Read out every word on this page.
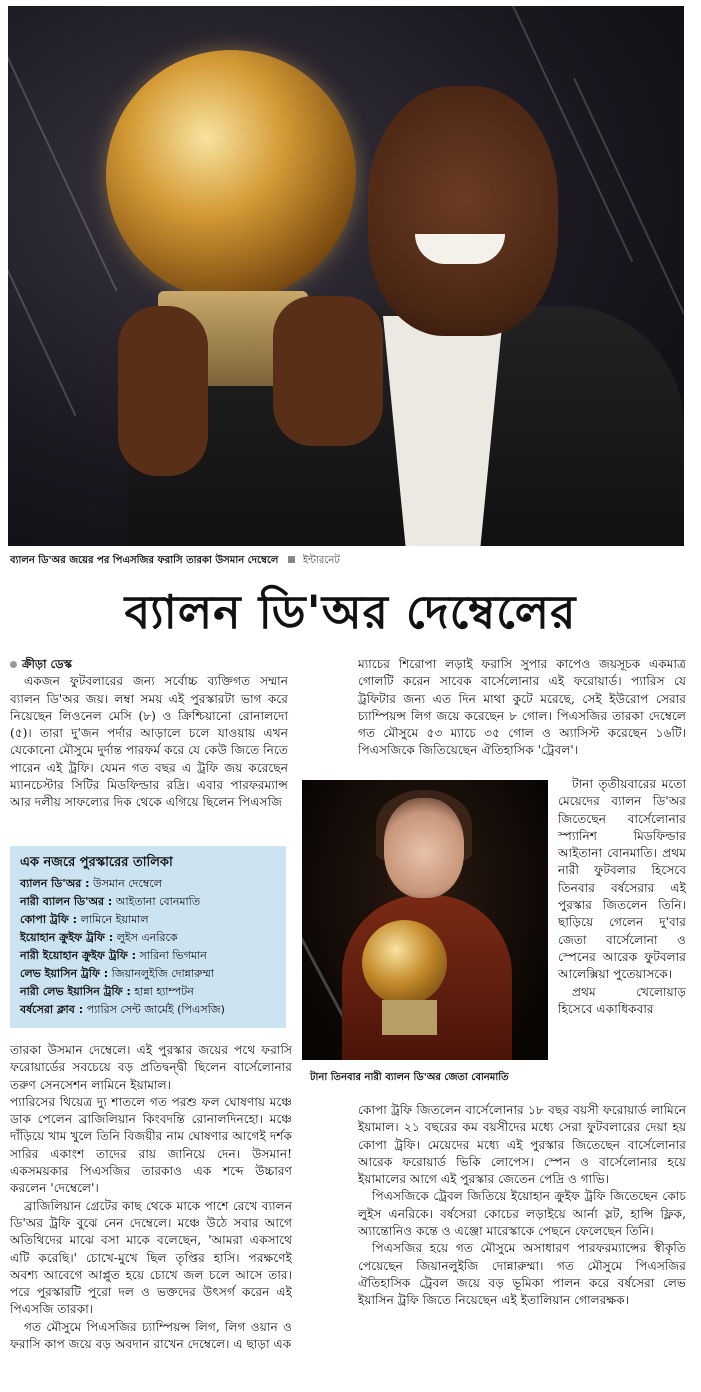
ব্যালন ডি'অর জয়ের পর পিএসজির ফরাসি তারকা উসমান দেম্বেলে ইন্টারনেট
ব্যালন ডি'অর দেম্বেলের

ক্রীড়া ডেস্ক

একজন ফুটবলারের জন্য সর্বোচ্চ ব্যক্তিগত সম্মান ব্যালন ডি'অর জয়। লম্বা সময় এই পুরস্কারটা ভাগ করে নিয়েছেন লিওনেল মেসি (৮) ও ক্রিশ্চিয়ানো রোনালদো (৫)। তারা দু'জন পর্দার আড়ালে চলে যাওয়ায় এখন যেকোনো মৌসুমে দুর্দান্ত পারফর্ম করে যে কেউ জিতে নিতে পারেন এই ট্রফি। যেমন গত বছর এ ট্রফি জয় করেছেন ম্যানচেস্টার সিটির মিডফিল্ডার রদ্রি। এবার পারফরম্যান্স আর দলীয় সাফল্যের দিক থেকে এগিয়ে ছিলেন পিএসজি

এক নজরে পুরস্কারের তালিকা
ব্যালন ডি'অর : উসমান দেম্বেলে
নারী ব্যালন ডি'অর : আইতানা বোনমাতি
কোপা ট্রফি : লামিনে ইয়ামাল
ইয়োহান ক্রুইফ ট্রফি : লুইস এনরিকে
নারী ইয়োহান ক্রুইফ ট্রফি : সারিনা ভিগমান
লেভ ইয়াসিন ট্রফি : জিয়ানলুইজি দোন্নারুম্মা
নারী লেভ ইয়াসিন ট্রফি : হান্না হ্যাম্পটন
বর্ষসেরা ক্লাব : প্যারিস সেন্ট জার্মেই (পিএসজি)

তারকা উসমান দেম্বেলে। এই পুরস্কার জয়ের পথে ফরাসি ফরোয়ার্ডের সবচেয়ে বড় প্রতিদ্বন্দ্বী ছিলেন বার্সেলোনার তরুণ সেনসেশন লামিনে ইয়ামাল।

প্যারিসের থিয়েত্র দ্যু শাতলে গত পরশু ফল ঘোষণায় মঞ্চে ডাক পেলেন ব্রাজিলিয়ান কিংবদন্তি রোনালদিনহো। মঞ্চে দাঁড়িয়ে খাম খুলে তিনি বিজয়ীর নাম ঘোষণার আগেই দর্শক সারির একাংশ তাদের রায় জানিয়ে দেন। উসমান! একসময়কার পিএসজির তারকাও এক শব্দে উচ্চারণ করলেন 'দেম্বেলে'।

ব্রাজিলিয়ান গ্রেটের কাছ থেকে মাকে পাশে রেখে ব্যালন ডি'অর ট্রফি বুঝে নেন দেম্বেলে। মঞ্চে উঠে সবার আগে অতিথিদের মাঝে বসা মাকে বলেছেন, 'আমরা একসাথে এটি করেছি।' চোখে-মুখে ছিল তৃপ্তির হাসি। পরক্ষণেই অবশ্য আবেগে আপ্লুত হয়ে চোখে জল চলে আসে তার। পরে পুরস্কারটি পুরো দল ও ভক্তদের উৎসর্গ করেন এই পিএসজি তারকা।

গত মৌসুমে পিএসজির চ্যাম্পিয়ন্স লিগ, লিগ ওয়ান ও ফরাসি কাপ জয়ে বড় অবদান রাখেন দেম্বেলে। এ ছাড়া এক

ম্যাচের শিরোপা লড়াই ফরাসি সুপার কাপেও জয়সূচক একমাত্র গোলটি করেন সাবেক বার্সেলোনার এই ফরোয়ার্ড। প্যারিস যে ট্রফিটার জন্য এত দিন মাথা কুটে মরেছে, সেই ইউরোপ সেরার চ্যাম্পিয়ন্স লিগ জয়ে করেছেন ৮ গোল। পিএসজির তারকা দেম্বেলে গত মৌসুমে ৫৩ ম্যাচে ৩৫ গোল ও অ্যাসিস্ট করেছেন ১৬টি। পিএসজিকে জিতিয়েছেন ঐতিহাসিক 'ট্রেবল'।

টানা তৃতীয়বারের মতো মেয়েদের ব্যালন ডি'অর জিতেছেন বার্সেলোনার স্প্যানিশ মিডফিল্ডার আইতানা বোনমাতি। প্রথম নারী ফুটবলার হিসেবে তিনবার বর্ষসেরার এই পুরস্কার জিতলেন তিনি। ছাড়িয়ে গেলেন দু'বার জেতা বার্সেলোনা ও স্পেনের আরেক ফুটবলার আলেক্সিয়া পুতেয়াসকে।

প্রথম খেলোয়াড় হিসেবে একাধিকবার

টানা তিনবার নারী ব্যালন ডি'অর জেতা বোনমাতি

কোপা ট্রফি জিতলেন বার্সেলোনার ১৮ বছর বয়সী ফরোয়ার্ড লামিনে ইয়ামাল। ২১ বছরের কম বয়সীদের মধ্যে সেরা ফুটবলারের দেয়া হয় কোপা ট্রফি। মেয়েদের মধ্যে এই পুরস্কার জিতেছেন বার্সেলোনার আরেক ফরোয়ার্ড ভিকি লোপেস। স্পেন ও বার্সেলোনার হয়ে ইয়ামালের আগে এই পুরস্কার জেতেন পেদ্রি ও গাভি।

পিএসজিকে ট্রেবল জিতিয়ে ইয়োহান ক্রুইফ ট্রফি জিতেছেন কোচ লুইস এনরিকে। বর্ষসেরা কোচের লড়াইয়ে আর্না স্লট, হান্সি ফ্লিক, অ্যান্তোনিও কন্তে ও এঞ্জো মারেস্কাকে পেছনে ফেলেছেন তিনি।

পিএসজির হয়ে গত মৌসুমে অসাধারণ পারফরম্যান্সের স্বীকৃতি পেয়েছেন জিয়ানলুইজি দোন্নারুম্মা। গত মৌসুমে পিএসজির ঐতিহাসিক ট্রেবল জয়ে বড় ভূমিকা পালন করে বর্ষসেরা লেভ ইয়াসিন ট্রফি জিতে নিয়েছেন এই ইতালিয়ান গোলরক্ষক।
